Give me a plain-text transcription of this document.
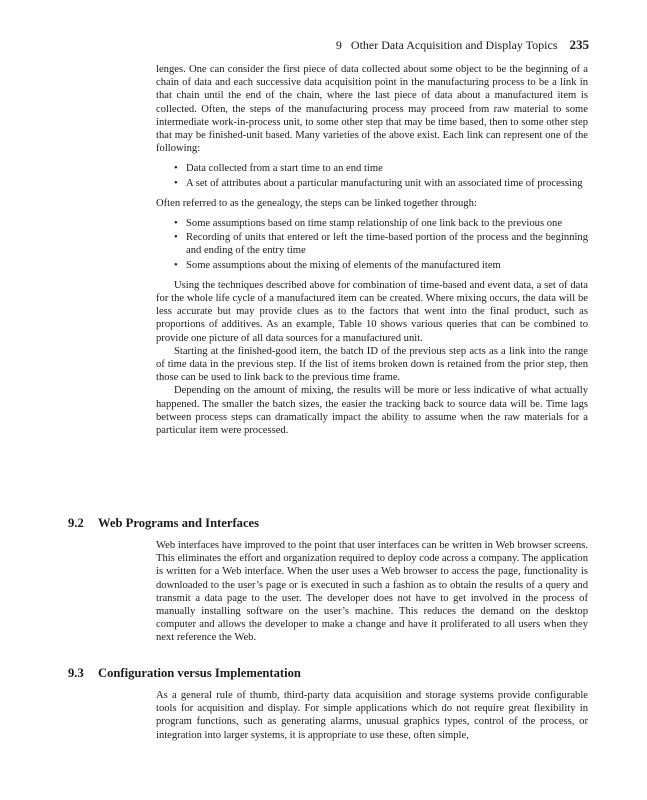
9   Other Data Acquisition and Display Topics 235

lenges. One can consider the first piece of data collected about some object to be the beginning of a chain of data and each successive data acquisition point in the manufacturing process to be a link in that chain until the end of the chain, where the last piece of data about a manufactured item is collected. Often, the steps of the manufacturing process may proceed from raw material to some intermediate work-in-process unit, to some other step that may be time based, then to some other step that may be finished-unit based. Many varieties of the above exist. Each link can represent one of the following:

• Data collected from a start time to an end time
• A set of attributes about a particular manufacturing unit with an associated time of processing

Often referred to as the genealogy, the steps can be linked together through:

• Some assumptions based on time stamp relationship of one link back to the previous one
• Recording of units that entered or left the time-based portion of the process and the beginning and ending of the entry time
• Some assumptions about the mixing of elements of the manufactured item

Using the techniques described above for combination of time-based and event data, a set of data for the whole life cycle of a manufactured item can be created. Where mixing occurs, the data will be less accurate but may provide clues as to the factors that went into the final product, such as proportions of additives. As an example, Table 10 shows various queries that can be combined to provide one picture of all data sources for a manufactured unit.

Starting at the finished-good item, the batch ID of the previous step acts as a link into the range of time data in the previous step. If the list of items broken down is retained from the prior step, then those can be used to link back to the previous time frame.

Depending on the amount of mixing, the results will be more or less indicative of what actually happened. The smaller the batch sizes, the easier the tracking back to source data will be. Time lags between process steps can dramatically impact the ability to assume when the raw materials for a particular item were processed.

9.2 Web Programs and Interfaces

Web interfaces have improved to the point that user interfaces can be written in Web browser screens. This eliminates the effort and organization required to deploy code across a company. The application is written for a Web interface. When the user uses a Web browser to access the page, functionality is downloaded to the user’s page or is executed in such a fashion as to obtain the results of a query and transmit a data page to the user. The developer does not have to get involved in the process of manually installing software on the user’s machine. This reduces the demand on the desktop computer and allows the developer to make a change and have it proliferated to all users when they next reference the Web.

9.3 Configuration versus Implementation

As a general rule of thumb, third-party data acquisition and storage systems provide configurable tools for acquisition and display. For simple applications which do not require great flexibility in program functions, such as generating alarms, unusual graphics types, control of the process, or integration into larger systems, it is appropriate to use these, often simple,
